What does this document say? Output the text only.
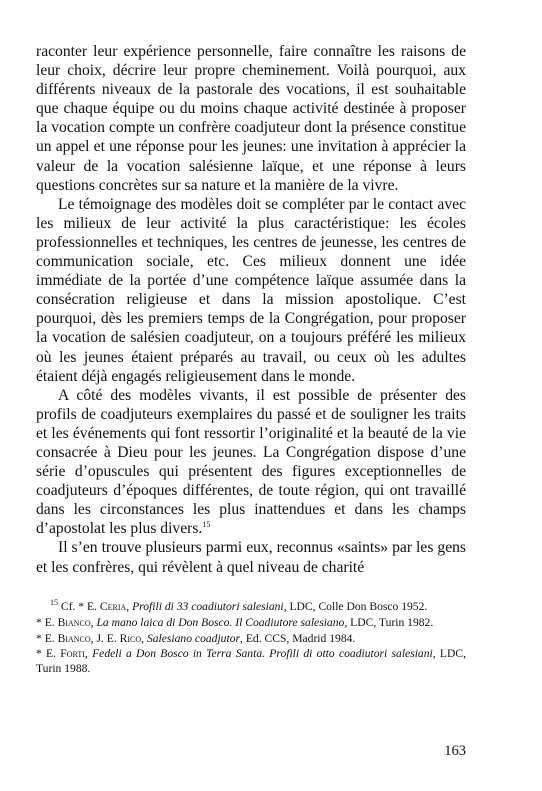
raconter leur expérience personnelle, faire connaître les raisons de leur choix, décrire leur propre cheminement. Voilà pourquoi, aux différents niveaux de la pastorale des vocations, il est souhaitable que chaque équipe ou du moins chaque activité destinée à proposer la vocation compte un confrère coadjuteur dont la présence constitue un appel et une réponse pour les jeunes: une invitation à apprécier la valeur de la vocation salésienne laïque, et une réponse à leurs questions concrètes sur sa nature et la manière de la vivre.

Le témoignage des modèles doit se compléter par le contact avec les milieux de leur activité la plus caractéristique: les écoles professionnelles et techniques, les centres de jeunesse, les centres de communication sociale, etc. Ces milieux donnent une idée immédiate de la portée d’une compétence laïque assumée dans la consécration religieuse et dans la mission apostolique. C’est pourquoi, dès les premiers temps de la Congrégation, pour proposer la vocation de salésien coadjuteur, on a toujours préféré les milieux où les jeunes étaient préparés au travail, ou ceux où les adultes étaient déjà engagés religieusement dans le monde.

A côté des modèles vivants, il est possible de présenter des profils de coadjuteurs exemplaires du passé et de souligner les traits et les événements qui font ressortir l’originalité et la beauté de la vie consacrée à Dieu pour les jeunes. La Congrégation dispose d’une série d’opuscules qui présentent des figures exceptionnelles de coadjuteurs d’époques différentes, de toute région, qui ont travaillé dans les circonstances les plus inattendues et dans les champs d’apostolat les plus divers.$^{15}$

Il s’en trouve plusieurs parmi eux, reconnus «saints» par les gens et les confrères, qui révèlent à quel niveau de charité

$^{15}$ Cf. * E. Ceria, Profili di 33 coadiutori salesiani, LDC, Colle Don Bosco 1952.

* E. Bianco, La mano laica di Don Bosco. Il Coadiutore salesiano, LDC, Turin 1982.

* E. Bianco, J. E. Rico, Salesiano coadjutor, Ed. CCS, Madrid 1984.

* E. Forti, Fedeli a Don Bosco in Terra Santa. Profili di otto coadiutori salesiani, LDC, Turin 1988.

163
